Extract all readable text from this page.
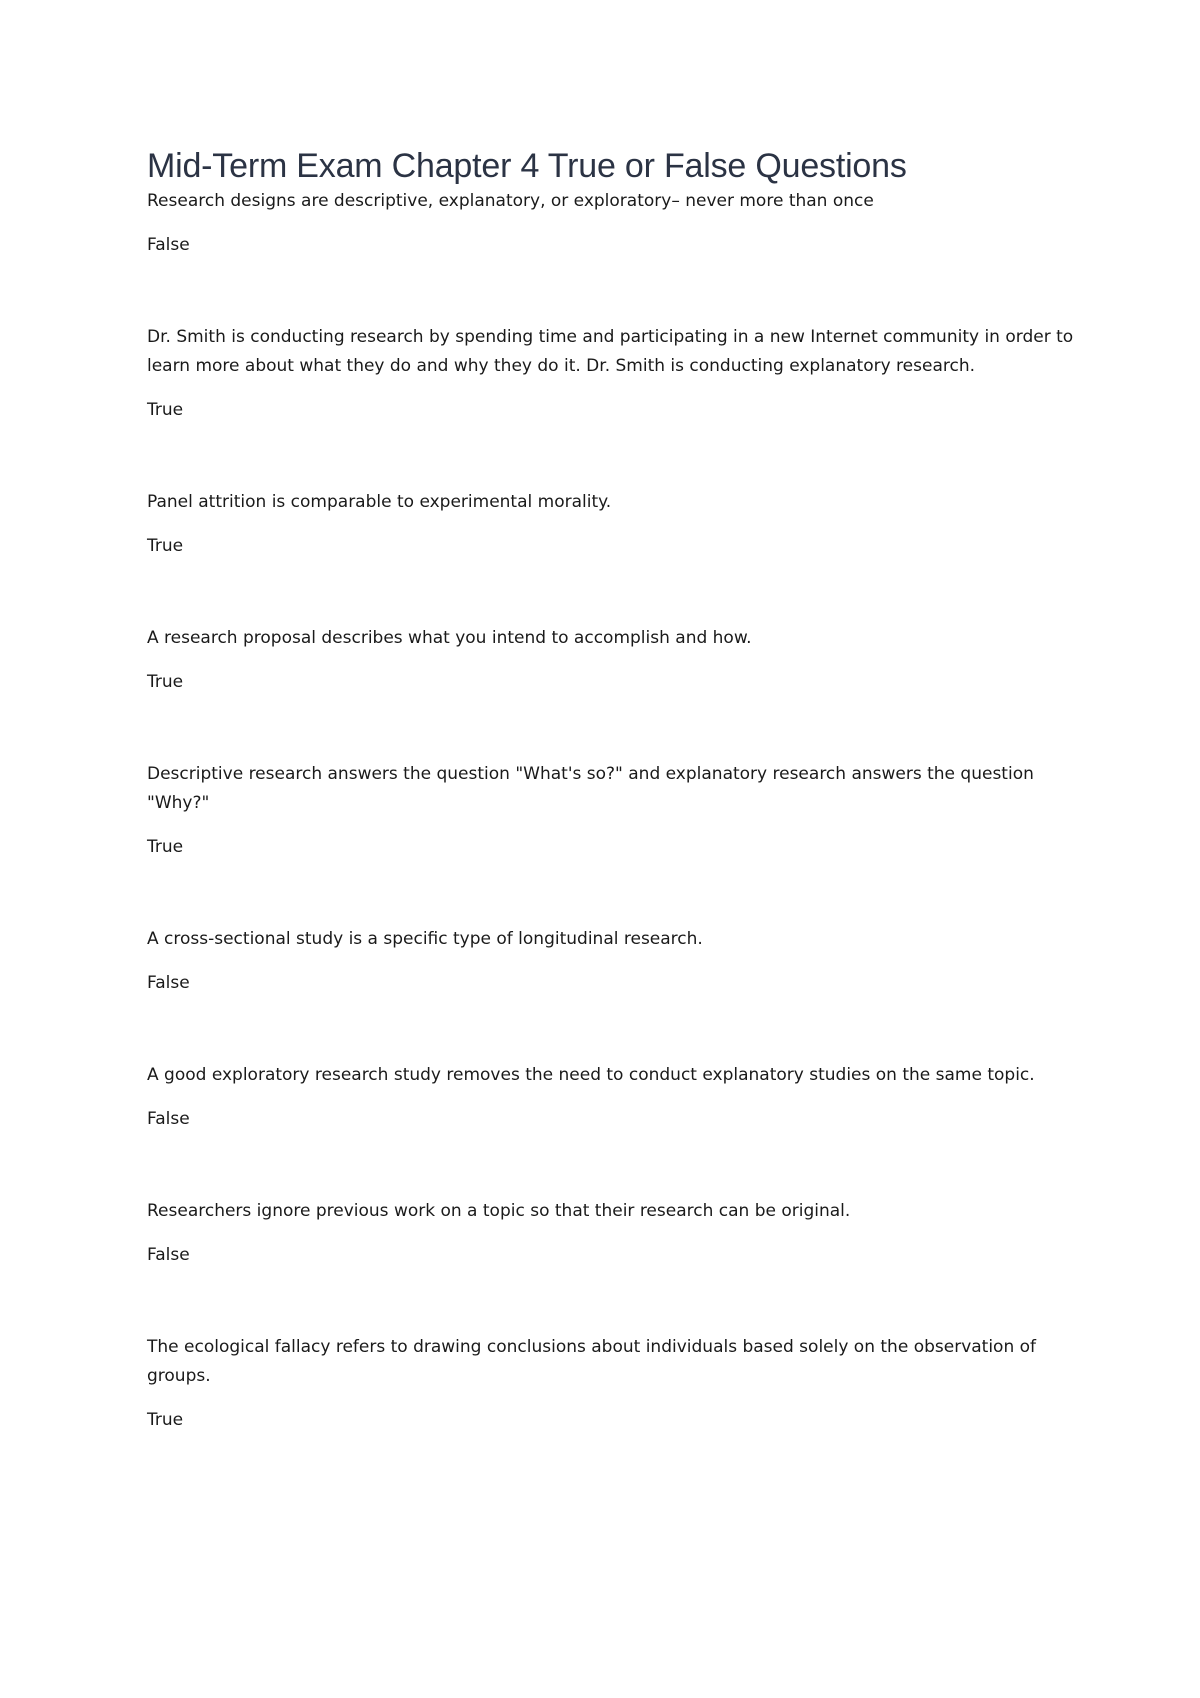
Mid-Term Exam Chapter 4 True or False Questions

Research designs are descriptive, explanatory, or exploratory– never more than once

False

Dr. Smith is conducting research by spending time and participating in a new Internet community in order to learn more about what they do and why they do it. Dr. Smith is conducting explanatory research.

True

Panel attrition is comparable to experimental morality.

True

A research proposal describes what you intend to accomplish and how.

True

Descriptive research answers the question "What's so?" and explanatory research answers the question "Why?"

True

A cross-sectional study is a specific type of longitudinal research.

False

A good exploratory research study removes the need to conduct explanatory studies on the same topic.

False

Researchers ignore previous work on a topic so that their research can be original.

False

The ecological fallacy refers to drawing conclusions about individuals based solely on the observation of groups.

True
